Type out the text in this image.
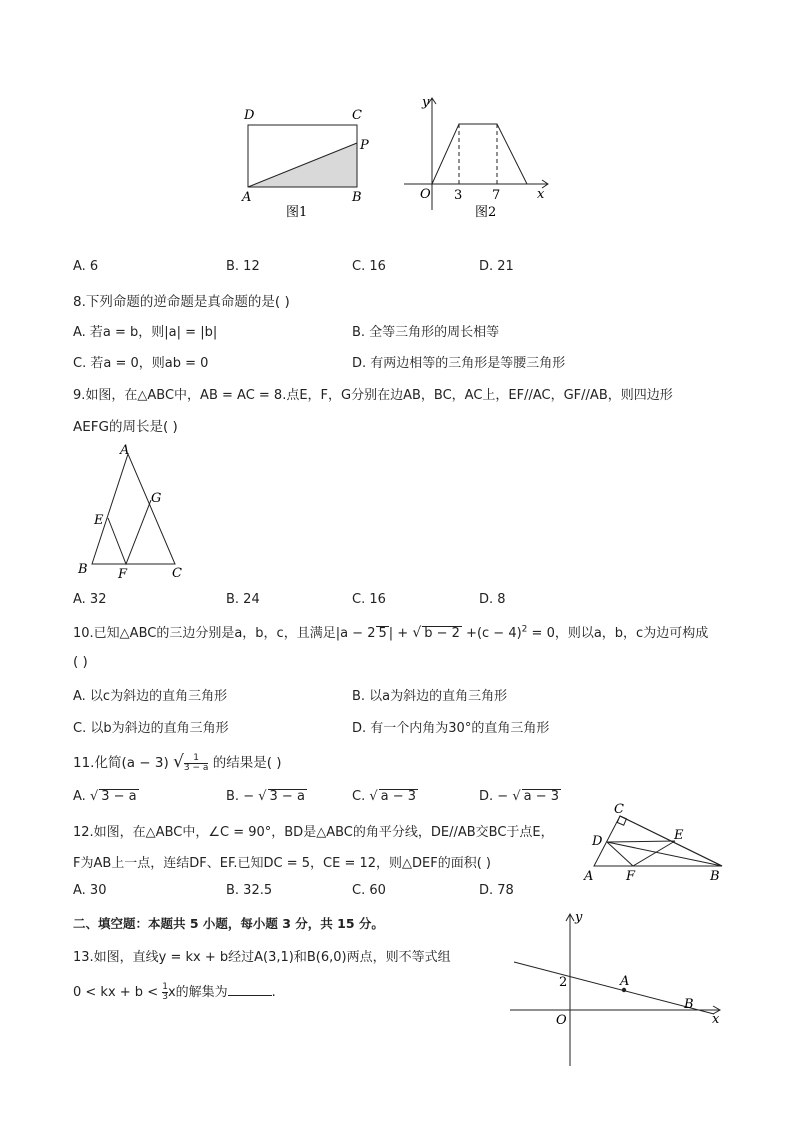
D	C
P
A	B
图1
y
O 3 7	x
图2
A. 6	B. 12	C. 16	D. 21
8.下列命题的逆命题是真命题的是( )
A. 若a = b，则|a| = |b|	B. 全等三角形的周长相等
C. 若a = 0，则ab = 0	D. 有两边相等的三角形是等腰三角形
9.如图，在△ABC中，AB = AC = 8.点E，F，G分别在边AB，BC，AC上，EF//AC，GF//AB，则四边形
AEFG的周长是( )
A
B	C
E
F
G
A. 32	B. 24	C. 16	D. 8
10.已知△ABC的三边分别是a，b，c，且满足|a − 2 5 | + √ $b - 2 +(c - 4)^2 = 0$，则以a，b，c为边可构成
( )
A. 以c为斜边的直角三角形	B. 以a为斜边的直角三角形
C. 以b为斜边的直角三角形	D. 有一个内角为30°的直角三角形
11.化简(a − 3) √ $\frac{1}{3 - a}$ 的结果是( )
A. √ 3 − a	B. − √ 3 − a	C. √ a − 3	D. − √ a − 3
12.如图，在△ABC中，∠C = 90°，BD是△ABC的角平分线，DE//AB交BC于点E，
F为AB上一点，连结DF、EF.已知DC = 5，CE = 12，则△DEF的面积( )
C
D	E
A	F	B
A. 30	B. 32.5	C. 60	D. 78
二、填空题：本题共 5 小题，每小题 3 分，共 15 分。
13.如图，直线y = kx + b经过A(3,1)和B(6,0)两点，则不等式组
0 < kx + $b < \frac{1}{3}$ x的解集为	.
y
x
O
2	A
B
